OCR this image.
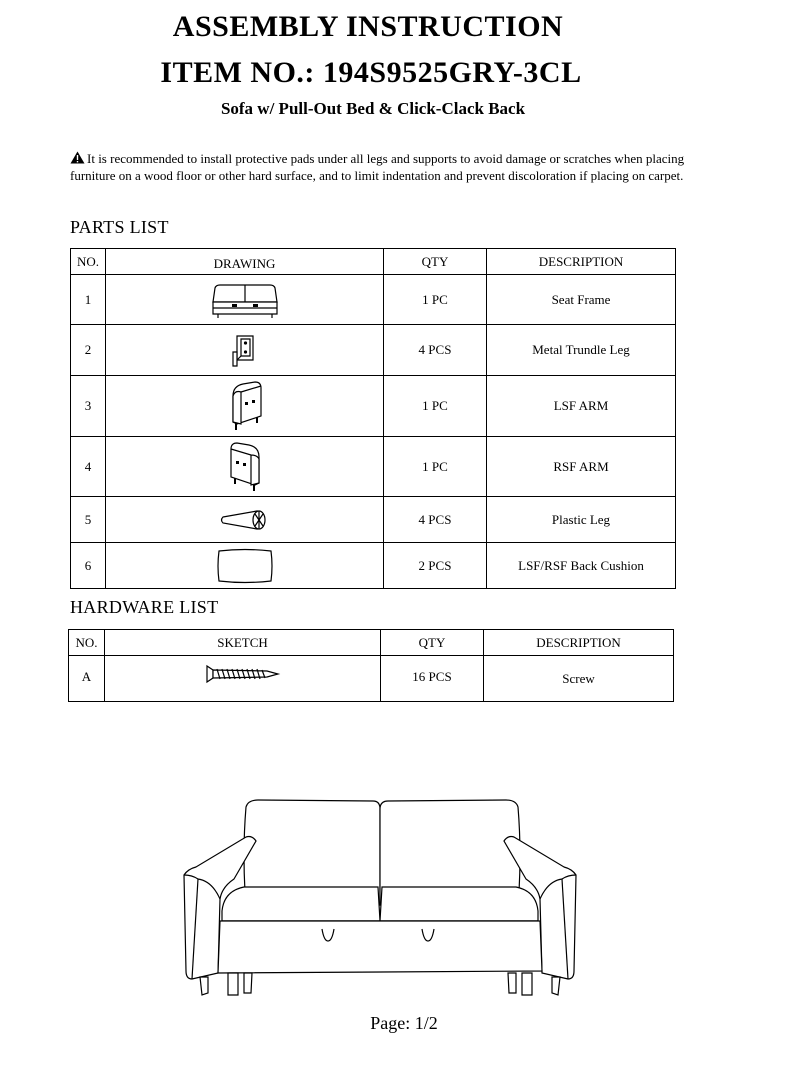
ASSEMBLY INSTRUCTION
ITEM NO.: 194S9525GRY-3CL
Sofa w/ Pull-Out Bed & Click-Clack Back
It is recommended to install protective pads under all legs and supports to avoid damage or scratches when placing furniture on a wood floor or other hard surface, and to limit indentation and prevent discoloration if placing on carpet.
PARTS LIST
NO.	DRAWING	QTY	DESCRIPTION
1		1 PC	Seat Frame
2		4 PCS	Metal Trundle Leg
3		1 PC	LSF ARM
4		1 PC	RSF ARM
5		4 PCS	Plastic Leg
6		2 PCS	LSF/RSF Back Cushion
HARDWARE LIST
NO.	SKETCH	QTY	DESCRIPTION
A		16 PCS	Screw
Page: 1/2
